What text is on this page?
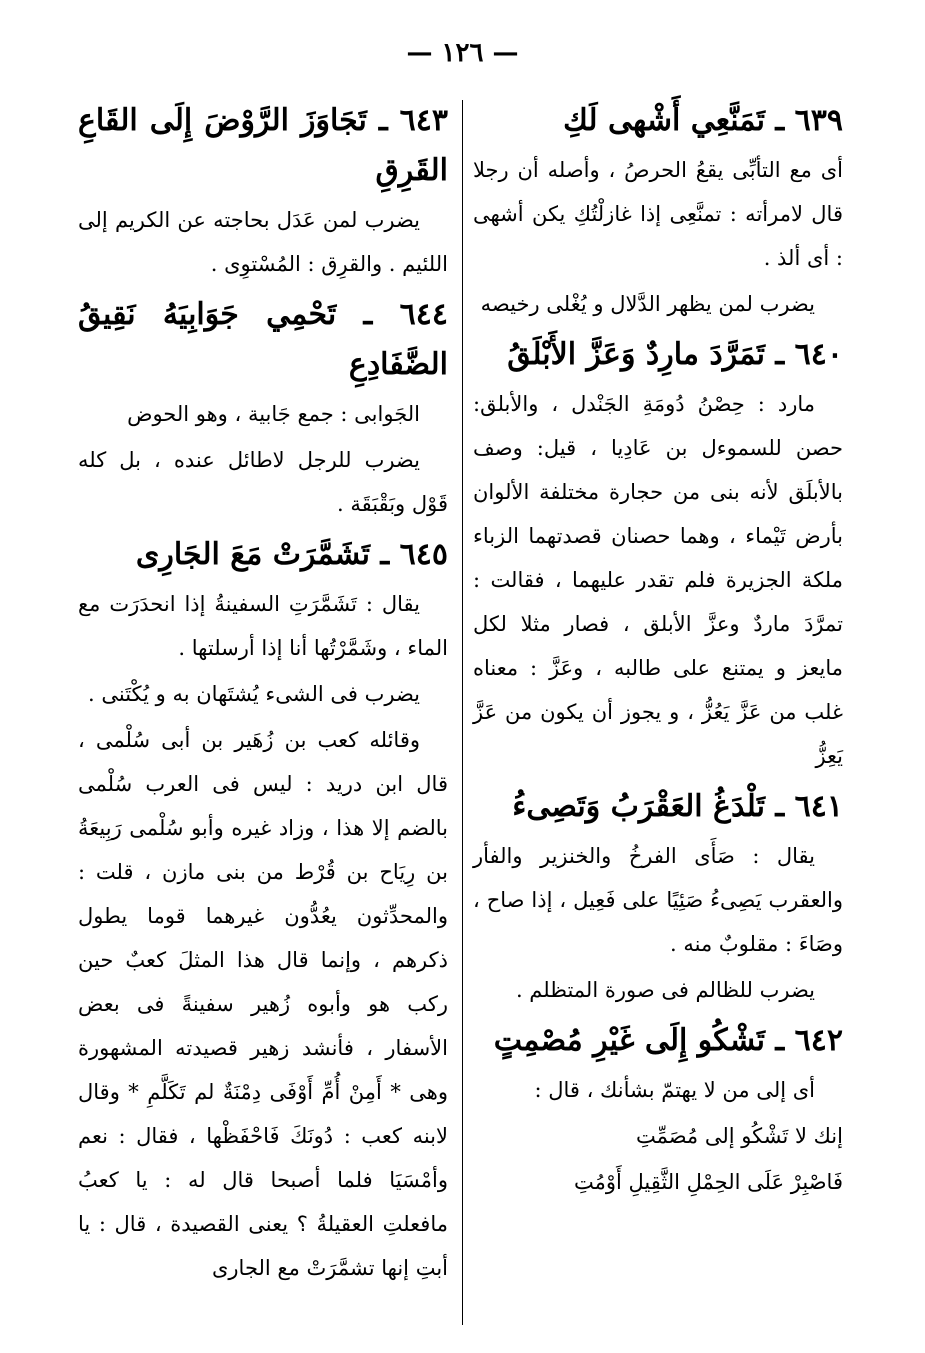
— ١٢٦ —
٦٣٩ ـ تَمَنَّعِي أَشْهى لَكِ

أى مع التأبِّى يقعُ الحرصُ ، وأصله أن رجلا قال لامرأته : تمنَّعِى إذا غازلْتُكِ يكن أشهى : أى ألذ .

يضرب لمن يظهر الدَّلال و يُغْلى رخيصه

٦٤٠ ـ تَمَرَّدَ مارِدٌ وَعَزَّ الأَبْلَقُ

مارد : حِصْنُ دُومَةِ الجَنْدل ، والأبلق: حصن للسموءل بن عَادِيا ، قيل: وصف بالأبلَق لأنه بنى من حجارة مختلفة الألوان بأرض تَيْماء ، وهما حصنان قصدتهما الزباء ملكة الجزيرة فلم تقدر عليهما ، فقالت : تمرَّدَ ماردٌ وعزَّ الأبلق ، فصار مثلا لكل مايعز و يمتنع على طالبه ، وعَزَّ : معناه غلب من عَزَّ يَعُزُّ ، و يجوز أن يكون من عَزَّ يَعِزُّ

٦٤١ ـ تَلْدَغُ العَقْرَبُ وَتَصِىءُ

يقال : صَأَى الفرخُ والخنزير والفأر والعقرب يَصِىءُ صَئِيًا على فَعِيل ، إذا صاح ، وصَاءَ : مقلوبٌ منه .

يضرب للظالم فى صورة المتظلم .

٦٤٢ ـ تَشْكُو إِلَى غَيْرِ مُصْمِتٍ

أى إلى من لا يهتمّ بشأنك ، قال :

إنك لا تَشْكُو إلى مُصَمِّتِ

فَاصْبِرْ عَلَى الحِمْلِ الثَّقِيلِ أَوْمُتِ

٦٤٣ ـ تَجَاوَزَ الرَّوْضَ إِلَى القَاعِ القَرِقِ

يضرب لمن عَدَل بحاجته عن الكريم إلى اللئيم . والقرِق : المُسْتوِى .

٦٤٤ ـ تَحْمِي جَوَابِيَهُ نَقِيقُ الضَّفَادِعِ

الجَوابى : جمع جَابية ، وهو الحوض

يضرب للرجل لاطائل عنده ، بل كله قَوْل وبَقْبَقَة .

٦٤٥ ـ تَشَمَّرَتْ مَعَ الجَارِى

يقال : تَشَمَّرَتِ السفينةُ إذا انحدَرَت مع الماء ، وشَمَّرْتُها أنا إذا أرسلتها .

يضرب فى الشىء يُشتَهان به و يُكْتَنى .

وقائله كعب بن زُهَير بن أبى سُلْمى ، قال ابن دريد : ليس فى العرب سُلْمى بالضم إلا هذا ، وزاد غيره وأبو سُلْمى رَبِيعَةُ بن رِيَاح بن قُرْط من بنى مازن ، قلت : والمحدِّثون يعُدُّون غيرهما قوما يطول ذكرهم ، وإنما قال هذا المثلَ كعبٌ حين ركب هو وأبوه زُهير سفينةً فى بعض الأسفار ، فأنشد زهير قصيدته المشهورة وهى * أَمِنْ أُمِّ أَوْفَى دِمْنَةٌ لم تَكَلَّمِ * وقال لابنه كعب : دُونَكَ فَاحْفَظْها ، فقال : نعم وأمْسَيَا فلما أصبحا قال له : يا كعبُ مافعلتِ العقيلةُ ؟ يعنى القصيدة ، قال : يا أبتِ إنها تشمَّرَتْ مع الجارى
